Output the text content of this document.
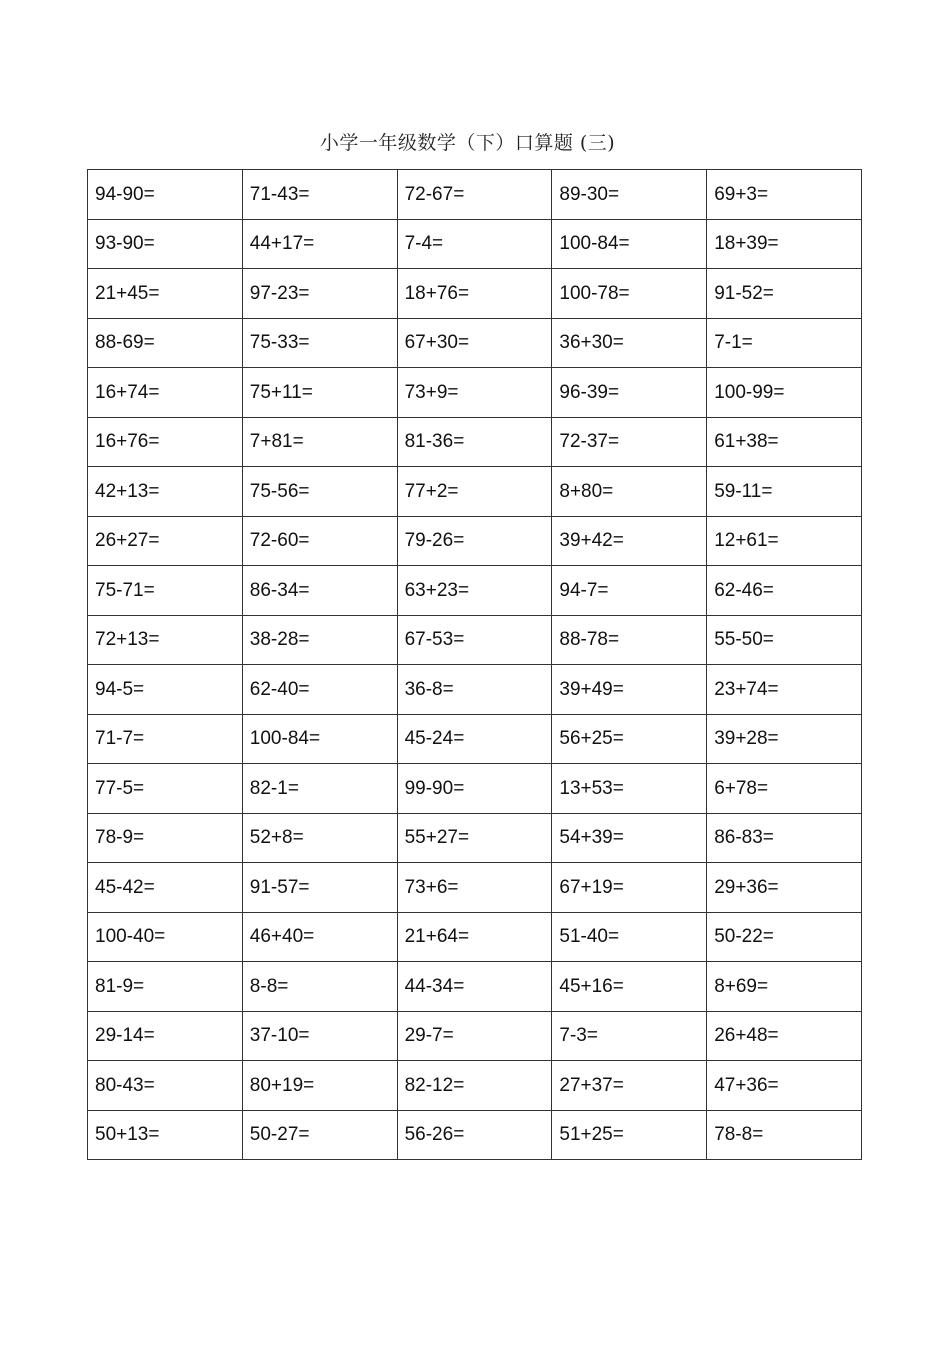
小学一年级数学（下）口算题 (三)
94-90=	71-43=	72-67=	89-30=	69+3=
93-90=	44+17=	7-4=	100-84=	18+39=
21+45=	97-23=	18+76=	100-78=	91-52=
88-69=	75-33=	67+30=	36+30=	7-1=
16+74=	75+11=	73+9=	96-39=	100-99=
16+76=	7+81=	81-36=	72-37=	61+38=
42+13=	75-56=	77+2=	8+80=	59-11=
26+27=	72-60=	79-26=	39+42=	12+61=
75-71=	86-34=	63+23=	94-7=	62-46=
72+13=	38-28=	67-53=	88-78=	55-50=
94-5=	62-40=	36-8=	39+49=	23+74=
71-7=	100-84=	45-24=	56+25=	39+28=
77-5=	82-1=	99-90=	13+53=	6+78=
78-9=	52+8=	55+27=	54+39=	86-83=
45-42=	91-57=	73+6=	67+19=	29+36=
100-40=	46+40=	21+64=	51-40=	50-22=
81-9=	8-8=	44-34=	45+16=	8+69=
29-14=	37-10=	29-7=	7-3=	26+48=
80-43=	80+19=	82-12=	27+37=	47+36=
50+13=	50-27=	56-26=	51+25=	78-8=
